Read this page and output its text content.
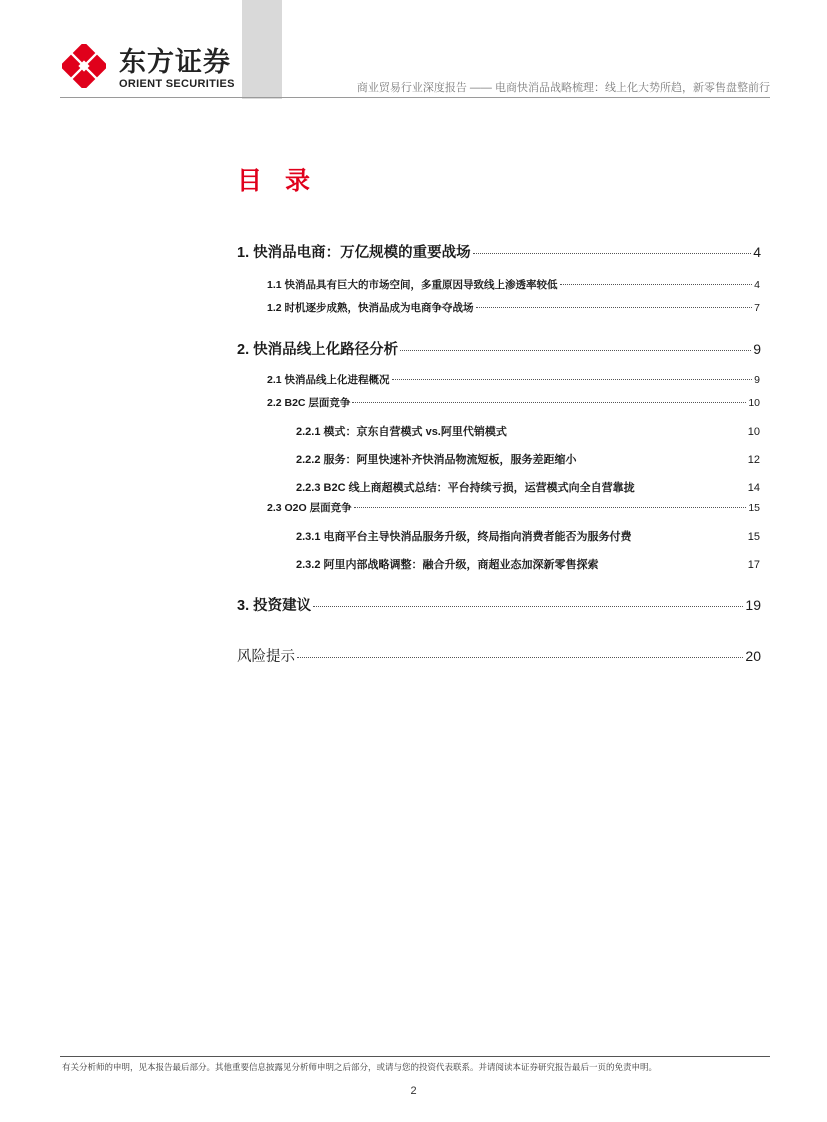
东方证券
ORIENT SECURITIES	商业贸易行业深度报告 —— 电商快消品战略梳理：线上化大势所趋，新零售盘整前行
目 录
1. 快消品电商：万亿规模的重要战场	4
1.1 快消品具有巨大的市场空间，多重原因导致线上渗透率较低	4
1.2 时机逐步成熟，快消品成为电商争夺战场	7
2. 快消品线上化路径分析	9
2.1 快消品线上化进程概况	9
2.2 B2C 层面竞争	10
2.2.1 模式：京东自营模式 vs.阿里代销模式	10
2.2.2 服务：阿里快速补齐快消品物流短板，服务差距缩小	12
2.2.3 B2C 线上商超模式总结：平台持续亏损，运营模式向全自营靠拢	14
2.3 O2O 层面竞争	15
2.3.1 电商平台主导快消品服务升级，终局指向消费者能否为服务付费	15
2.3.2 阿里内部战略调整：融合升级，商超业态加深新零售探索	17
3. 投资建议	19
风险提示	20
有关分析师的申明，见本报告最后部分。其他重要信息披露见分析师申明之后部分，或请与您的投资代表联系。并请阅读本证券研究报告最后一页的免责申明。
2
